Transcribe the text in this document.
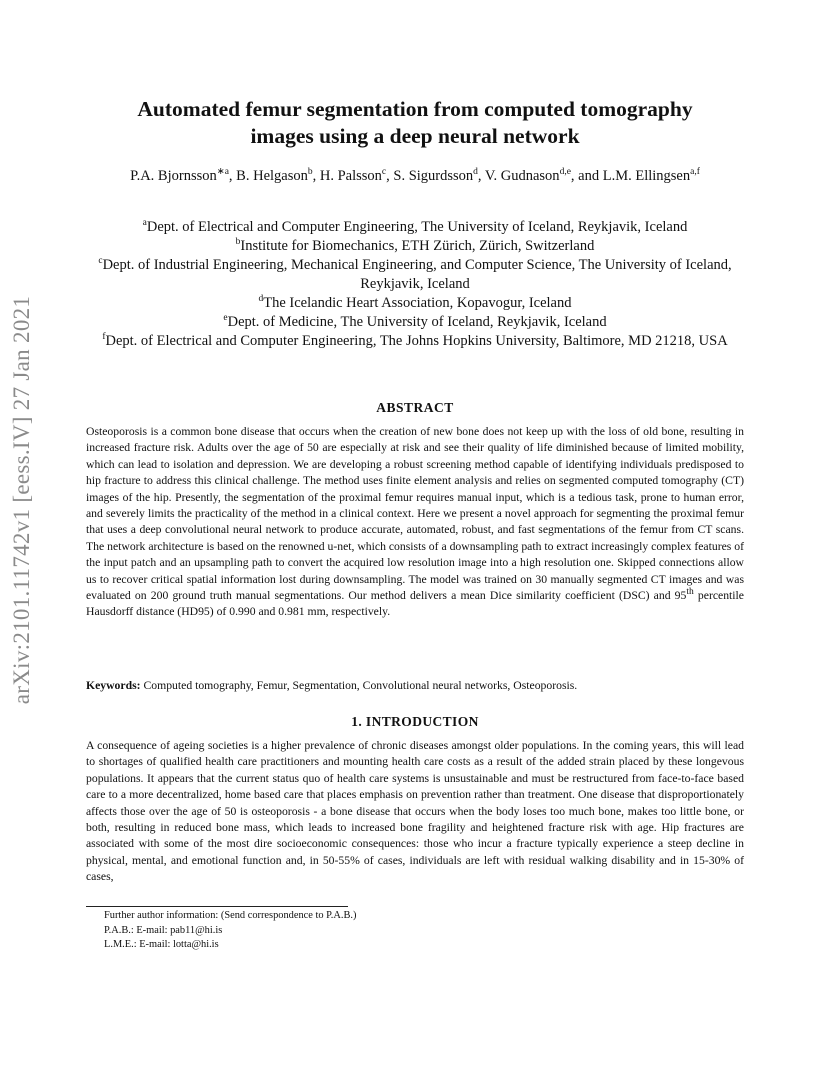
arXiv:2101.11742v1 [eess.IV] 27 Jan 2021
Automated femur segmentation from computed tomography
images using a deep neural network
P.A. Bjornsson$^{∗a}$, B. Helgason$^b$, H. Palsson$^c$, S. Sigurdsson$^d$, V. Gudnason$^{d,e}$, and L.M. Ellingsen$^{a,f}$
$^a$Dept. of Electrical and Computer Engineering, The University of Iceland, Reykjavik, Iceland
$^b$Institute for Biomechanics, ETH Zürich, Zürich, Switzerland
$^c$Dept. of Industrial Engineering, Mechanical Engineering, and Computer Science, The University of Iceland, Reykjavik, Iceland
$^d$The Icelandic Heart Association, Kopavogur, Iceland
$^e$Dept. of Medicine, The University of Iceland, Reykjavik, Iceland
$^f$Dept. of Electrical and Computer Engineering, The Johns Hopkins University, Baltimore, MD 21218, USA
ABSTRACT
Osteoporosis is a common bone disease that occurs when the creation of new bone does not keep up with the loss of old bone, resulting in increased fracture risk. Adults over the age of 50 are especially at risk and see their quality of life diminished because of limited mobility, which can lead to isolation and depression. We are developing a robust screening method capable of identifying individuals predisposed to hip fracture to address this clinical challenge. The method uses finite element analysis and relies on segmented computed tomography (CT) images of the hip. Presently, the segmentation of the proximal femur requires manual input, which is a tedious task, prone to human error, and severely limits the practicality of the method in a clinical context. Here we present a novel approach for segmenting the proximal femur that uses a deep convolutional neural network to produce accurate, automated, robust, and fast segmentations of the femur from CT scans. The network architecture is based on the renowned u-net, which consists of a downsampling path to extract increasingly complex features of the input patch and an upsampling path to convert the acquired low resolution image into a high resolution one. Skipped connections allow us to recover critical spatial information lost during downsampling. The model was trained on 30 manually segmented CT images and was evaluated on 200 ground truth manual segmentations. Our method delivers a mean Dice similarity coefficient (DSC) and 95th percentile Hausdorff distance (HD95) of 0.990 and 0.981 mm, respectively.
Keywords: Computed tomography, Femur, Segmentation, Convolutional neural networks, Osteoporosis.
1. INTRODUCTION
A consequence of ageing societies is a higher prevalence of chronic diseases amongst older populations. In the coming years, this will lead to shortages of qualified health care practitioners and mounting health care costs as a result of the added strain placed by these longevous populations. It appears that the current status quo of health care systems is unsustainable and must be restructured from face-to-face based care to a more decentralized, home based care that places emphasis on prevention rather than treatment. One disease that disproportionately affects those over the age of 50 is osteoporosis - a bone disease that occurs when the body loses too much bone, makes too little bone, or both, resulting in reduced bone mass, which leads to increased bone fragility and heightened fracture risk with age. Hip fractures are associated with some of the most dire socioeconomic consequences: those who incur a fracture typically experience a steep decline in physical, mental, and emotional function and, in 50-55% of cases, individuals are left with residual walking disability and in 15-30% of cases,
Further author information: (Send correspondence to P.A.B.)
P.A.B.: E-mail: pab11@hi.is
L.M.E.: E-mail: lotta@hi.is
